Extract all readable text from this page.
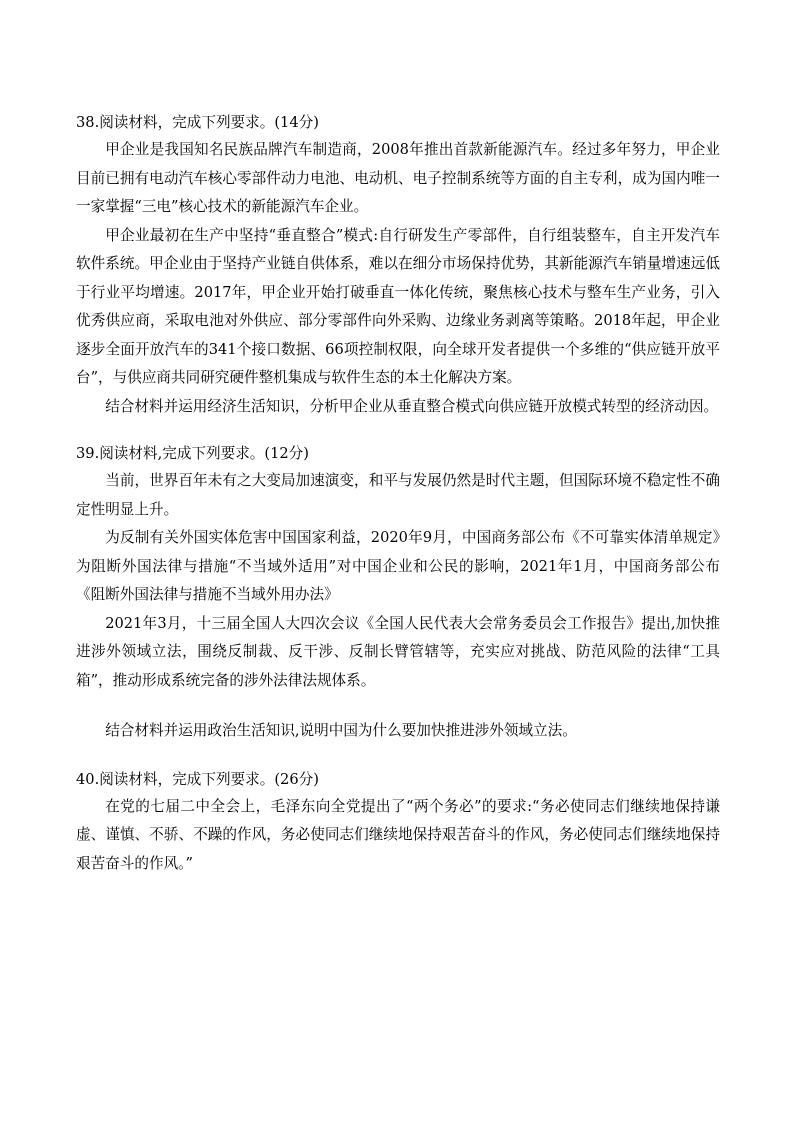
38.阅读材料，完成下列要求。(14分)

甲企业是我国知名民族品牌汽车制造商，2008年推出首款新能源汽车。经过多年努力，甲企业目前已拥有电动汽车核心零部件动力电池、电动机、电子控制系统等方面的自主专利，成为国内唯一一家掌握“三电”核心技术的新能源汽车企业。

甲企业最初在生产中坚持“垂直整合”模式:自行研发生产零部件，自行组装整车，自主开发汽车软件系统。甲企业由于坚持产业链自供体系，难以在细分市场保持优势，其新能源汽车销量增速远低于行业平均增速。2017年，甲企业开始打破垂直一体化传统，聚焦核心技术与整车生产业务，引入优秀供应商，采取电池对外供应、部分零部件向外采购、边缘业务剥离等策略。2018年起，甲企业逐步全面开放汽车的341个接口数据、66项控制权限，向全球开发者提供一个多维的“供应链开放平台”，与供应商共同研究硬件整机集成与软件生态的本土化解决方案。

结合材料并运用经济生活知识，分析甲企业从垂直整合模式向供应链开放模式转型的经济动因。

39.阅读材料,完成下列要求。(12分)

当前，世界百年未有之大变局加速演变，和平与发展仍然是时代主题，但国际环境不稳定性不确定性明显上升。

为反制有关外国实体危害中国国家利益，2020年9月，中国商务部公布《不可靠实体清单规定》为阻断外国法律与措施“不当域外适用”对中国企业和公民的影响，2021年1月，中国商务部公布《阻断外国法律与措施不当域外用办法》

2021年3月，十三届全国人大四次会议《全国人民代表大会常务委员会工作报告》提出,加快推进涉外领域立法，围绕反制裁、反干涉、反制长臂管辖等，充实应对挑战、防范风险的法律“工具箱”，推动形成系统完备的涉外法律法规体系。

结合材料并运用政治生活知识,说明中国为什么要加快推进涉外领域立法。

40.阅读材料，完成下列要求。(26分)

在党的七届二中全会上，毛泽东向全党提出了“两个务必”的要求:“务必使同志们继续地保持谦虚、谨慎、不骄、不躁的作风，务必使同志们继续地保持艰苦奋斗的作风，务必使同志们继续地保持艰苦奋斗的作风。”
